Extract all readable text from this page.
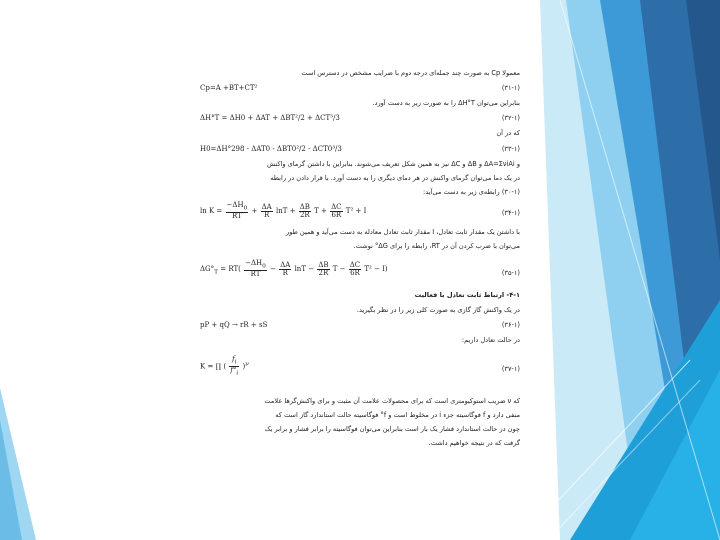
معمولا Cp به صورت چند جمله‌ای درجه دوم با ضرایب مشخص در دسترس است
Cp=A +BT+CT²	(۳۱-۱)
بنابراین می‌توان ΔH°T را به صورت زیر به دست آورد.
ΔH°T = ΔH0 + ΔAT + ΔBT²/2 + ΔCT³/3	(۳۲-۱)
که در آن
H0=ΔH°298 - ΔAT0 - ΔBT0²/2 - ΔCT0³/3	(۳۳-۱)
و ΔA=ΣνiAi و ΔB و ΔC نیز به همین شکل تعریف می‌شوند. بنابراین با داشتن گرمای واکنش
در یک دما می‌توان گرمای واکنش در هر دمای دیگری را به دست آورد. با قرار دادن در رابطه
(۳۰-۱) رابطه‌ی زیر به دست می‌آید:
$\ln K = \frac{-\Delta H_0}{RT} + \frac{\Delta A}{R}$ $\ln T + \frac{\Delta B}{2R}$ $T + \frac{\Delta C}{6R} T^2 + I$	(۳۴-۱)
با داشتن یک مقدار ثابت تعادل، I مقدار ثابت تعادل معادله به دست می‌آید و همین طور
می‌توان با ضرب کردن آن در RT، رابطه را برای ΔG° نوشت.
$\Delta G^\circ_T = RT( \frac{-\Delta H_0}{RT} - \frac{\Delta A}{R}$ $\ln T - \frac{\Delta B}{2R}$ $T - \frac{\Delta C}{6R} T^2 - I$)	(۳۵-۱)
۴-۱- ارتباط ثابت تعادل با فعالیت
در یک واکنش گاز گازی به صورت کلی زیر را در نظر بگیرید.
pP + qQ → rR + sS	(۳۶-۱)
در حالت تعادل داریم:
K = ∏ ( $\frac{f_i}{f^\circ_i} )^\nu$
(۳۷-۱)
که ν ضریب استوکیومتری است که برای محصولات علامت آن مثبت و برای واکنش‌گرها علامت
منفی دارد و f فوگاسیته جزء i در مخلوط است و f° فوگاسیته حالت استاندارد گاز است که
چون در حالت استاندارد فشار یک بار است بنابراین می‌توان فوگاسیته را برابر فشار و برابر یک
گرفت که در نتیجه خواهیم داشت.
